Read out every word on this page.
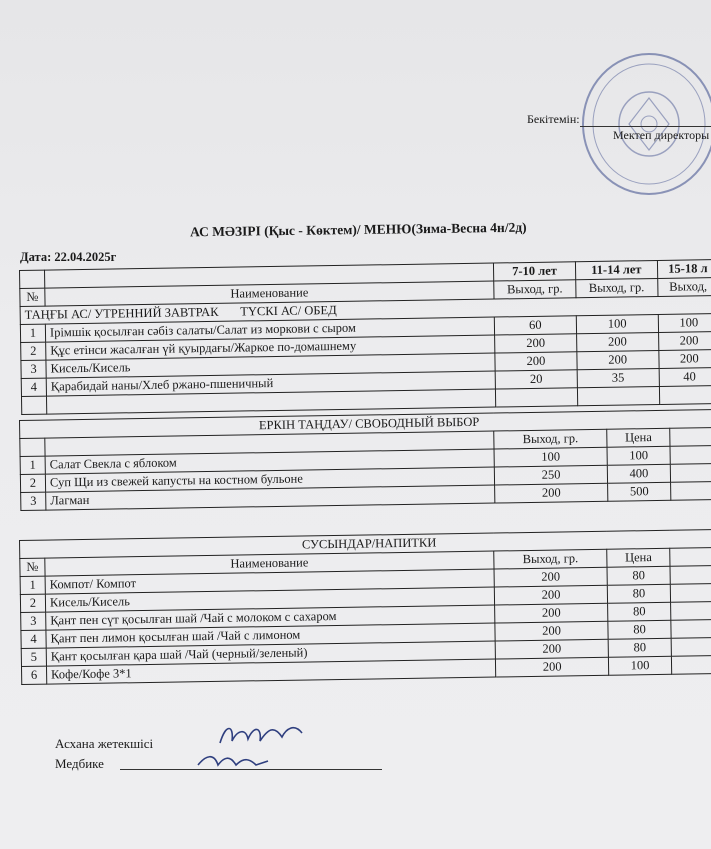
Бекітемін:
Мектеп директоры
АС МӘЗІРІ (Қыс - Көктем)/ МЕНЮ(Зима-Весна 4н/2д)
Дата: 22.04.2025г
		7-10 лет	11-14 лет	15-18 л
№	Наименование	Выход, гр.	Выход, гр.	Выход,
ТАҢҒЫ АС/ УТРЕННИЙ ЗАВТРАК       ТҮСКІ АС/ ОБЕД				
1	Ірімшік қосылған сәбіз салаты/Салат из моркови с сыром	60	100	100
2	Құс етінси жасалған үй қуырдағы/Жаркое по-домашнему	200	200	200
3	Кисель/Кисель	200	200	200
4	Қарабидай наны/Хлеб ржано-пшеничный	20	35	40

ЕРКІН ТАҢДАУ/ СВОБОДНЫЙ ВЫБОР				
		Выход, гр.	Цена	
1	Салат Свекла с яблоком	100	100	
2	Суп Щи из свежей капусты на костном бульоне	250	400	
3	Лагман	200	500	
СУСЫНДАР/НАПИТКИ				
№	Наименование	Выход, гр.	Цена	
1	Компот/ Компот	200	80	
2	Кисель/Кисель	200	80	
3	Қант пен сүт қосылған шай /Чай с молоком с сахаром	200	80	
4	Қант пен лимон қосылған шай /Чай с лимоном	200	80	
5	Қант қосылған қара шай /Чай (черный/зеленый)	200	80	
6	Кофе/Кофе 3*1	200	100	
Асхана жетекшісі
Медбике
